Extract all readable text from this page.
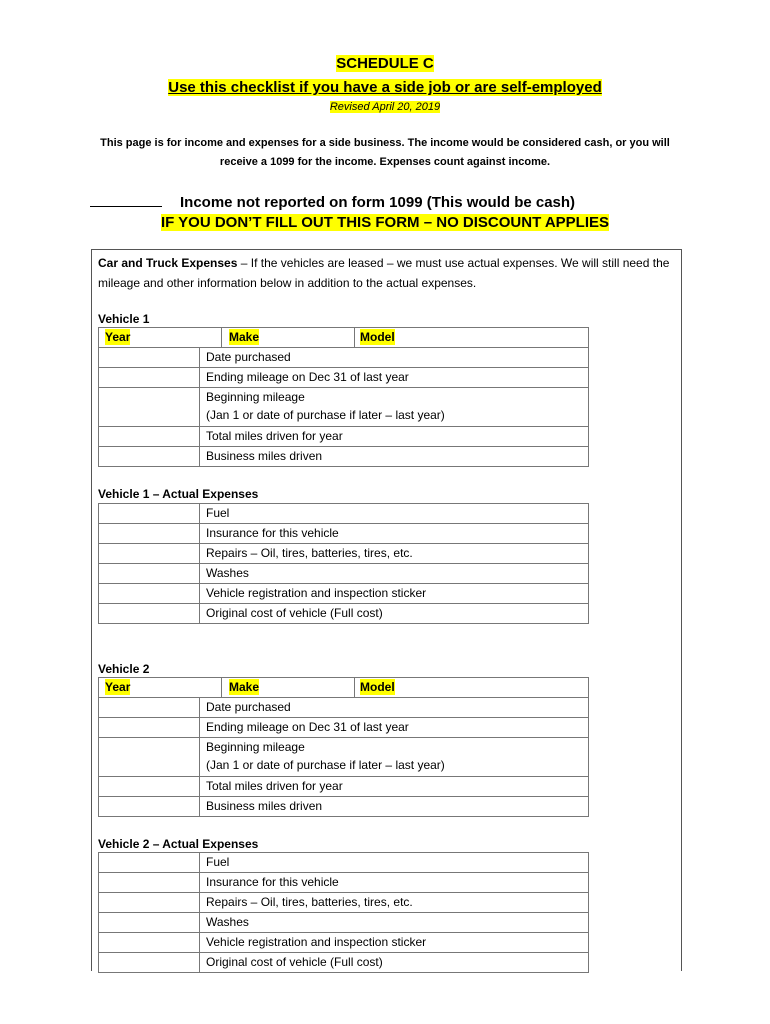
SCHEDULE C
Use this checklist if you have a side job or are self-employed
Revised April 20, 2019
This page is for income and expenses for a side business. The income would be considered cash, or you will receive a 1099 for the income. Expenses count against income.
Income not reported on form 1099 (This would be cash)
IF YOU DON’T FILL OUT THIS FORM – NO DISCOUNT APPLIES
Car and Truck Expenses – If the vehicles are leased – we must use actual expenses. We will still need the mileage and other information below in addition to the actual expenses.
Vehicle 1
Year	Make	Model
	Date purchased
	Ending mileage on Dec 31 of last year
	Beginning mileage
(Jan 1 or date of purchase if later – last year)
	Total miles driven for year
	Business miles driven
Vehicle 1 – Actual Expenses
	Fuel
	Insurance for this vehicle
	Repairs – Oil, tires, batteries, tires, etc.
	Washes
	Vehicle registration and inspection sticker
	Original cost of vehicle (Full cost)
Vehicle 2
Year	Make	Model
	Date purchased
	Ending mileage on Dec 31 of last year
	Beginning mileage
(Jan 1 or date of purchase if later – last year)
	Total miles driven for year
	Business miles driven
Vehicle 2 – Actual Expenses
	Fuel
	Insurance for this vehicle
	Repairs – Oil, tires, batteries, tires, etc.
	Washes
	Vehicle registration and inspection sticker
	Original cost of vehicle (Full cost)
